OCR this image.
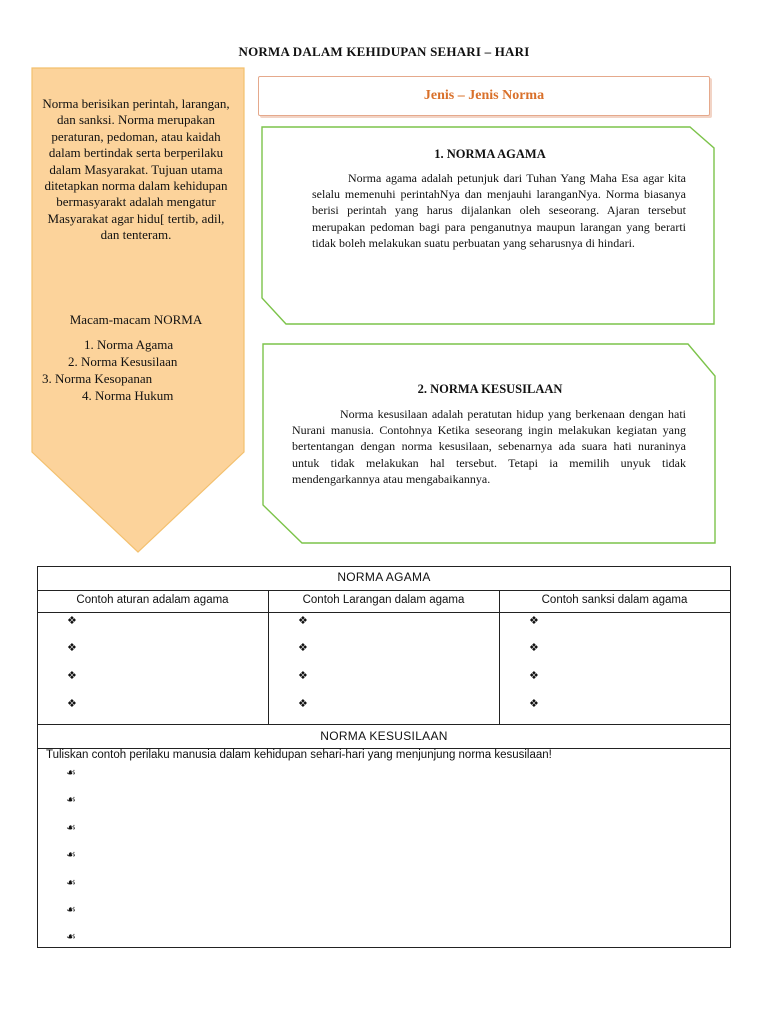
NORMA DALAM KEHIDUPAN SEHARI – HARI
Norma berisikan perintah, larangan, dan sanksi. Norma merupakan peraturan, pedoman, atau kaidah dalam bertindak serta berperilaku dalam Masyarakat. Tujuan utama ditetapkan norma dalam kehidupan bermasyarakt adalah mengatur Masyarakat agar hidu[ tertib, adil, dan tenteram.
Macam-macam NORMA
1. Norma Agama
2. Norma Kesusilaan
3. Norma Kesopanan
4. Norma Hukum
Jenis – Jenis Norma
1. NORMA AGAMA
Norma agama adalah petunjuk dari Tuhan Yang Maha Esa agar kita selalu memenuhi perintahNya dan menjauhi laranganNya. Norma biasanya berisi perintah yang harus dijalankan oleh seseorang. Ajaran tersebut merupakan pedoman bagi para penganutnya maupun larangan yang berarti tidak boleh melakukan suatu perbuatan yang seharusnya di hindari.
2. NORMA KESUSILAAN
Norma kesusilaan adalah peratutan hidup yang berkenaan dengan hati Nurani manusia. Contohnya Ketika seseorang ingin melakukan kegiatan yang bertentangan dengan norma kesusilaan, sebenarnya ada suara hati nuraninya untuk tidak melakukan hal tersebut. Tetapi ia memilih unyuk tidak mendengarkannya atau mengabaikannya.
NORMA AGAMA
Contoh aturan adalam agama	Contoh Larangan dalam agama	Contoh sanksi dalam agama
❖
❖
❖
❖
❖
❖
❖
❖
❖
❖
❖
❖
NORMA KESUSILAAN
Tuliskan contoh perilaku manusia dalam kehidupan sehari-hari yang menjunjung norma kesusilaan!
☙
☙
☙
☙
☙
☙
☙
